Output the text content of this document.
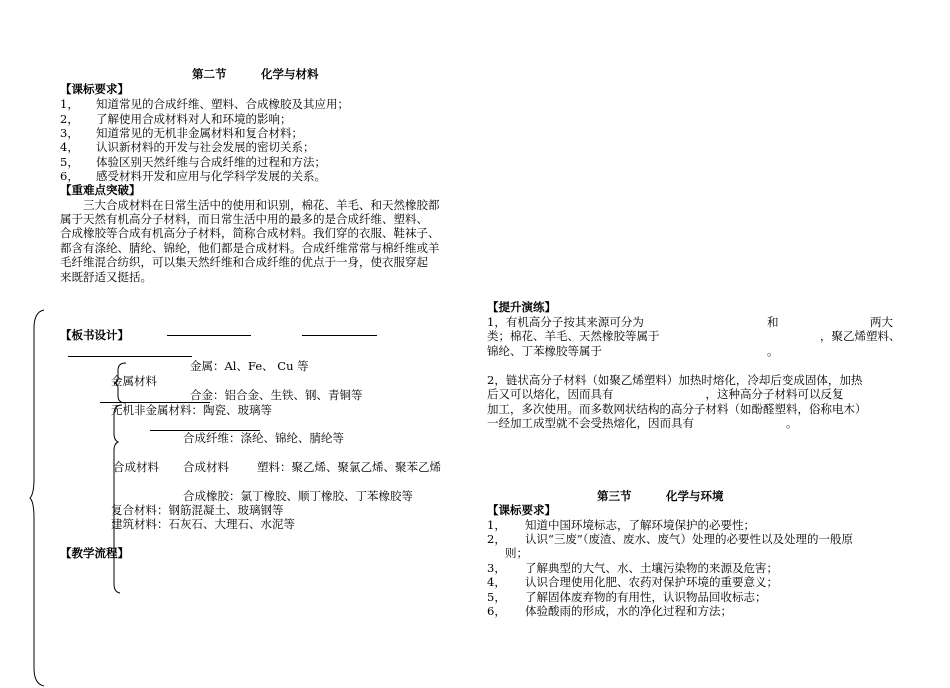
第二节　　　化学与材料
【课标要求】
1， 知道常见的合成纤维、塑料、合成橡胶及其应用；
2， 了解使用合成材料对人和环境的影响；
3， 知道常见的无机非金属材料和复合材料；
4， 认识新材料的开发与社会发展的密切关系；
5， 体验区别天然纤维与合成纤维的过程和方法；
6， 感受材料开发和应用与化学科学发展的关系。
【重难点突破】
　　三大合成材料在日常生活中的使用和识别，棉花、羊毛、和天然橡胶都
属于天然有机高分子材料，而日常生活中用的最多的是合成纤维、塑料、
合成橡胶等合成有机高分子材料，简称合成材料。我们穿的衣服、鞋袜子、
都含有涤纶、腈纶、锦纶，他们都是合成材料。合成纤维常常与棉纤维或羊
毛纤维混合纺织，可以集天然纤维和合成纤维的优点于一身，使衣服穿起
来既舒适又挺括。
【板书设计】
金属：Al、Fe、 Cu 等
金属材料
合金：铝合金、生铁、钢、青铜等
无机非金属材料：陶瓷、玻璃等
合成纤维：涤纶、锦纶、腈纶等
合成材料 合成材料 塑料：聚乙烯、聚氯乙烯、聚苯乙烯
合成橡胶：氯丁橡胶、顺丁橡胶、丁苯橡胶等
复合材料：钢筋混凝土、玻璃钢等
建筑材料：石灰石、大理石、水泥等
【教学流程】
【提升演练】
1，有机高分子按其来源可分为	和	两大
类；棉花、羊毛、天然橡胶等属于	，聚乙烯塑料、
锦纶、丁苯橡胶等属于	。
2，链状高分子材料（如聚乙烯塑料）加热时熔化，冷却后变成固体，加热
后又可以熔化，因而具有　　　　　　　　，这种高分子材料可以反复
加工，多次使用。而多数网状结构的高分子材料（如酚醛塑料，俗称电木）
一经加工成型就不会受热熔化，因而具有　　　　　　　　。
第三节　　　化学与环境
【课标要求】
1， 知道中国环境标志，了解环境保护的必要性；
2， 认识“三废”（废渣、废水、废气）处理的必要性以及处理的一般原
则；
3， 了解典型的大气、水、土壤污染物的来源及危害；
4， 认识合理使用化肥、农药对保护环境的重要意义；
5， 了解固体废弃物的有用性，认识物品回收标志；
6， 体验酸雨的形成，水的净化过程和方法；
